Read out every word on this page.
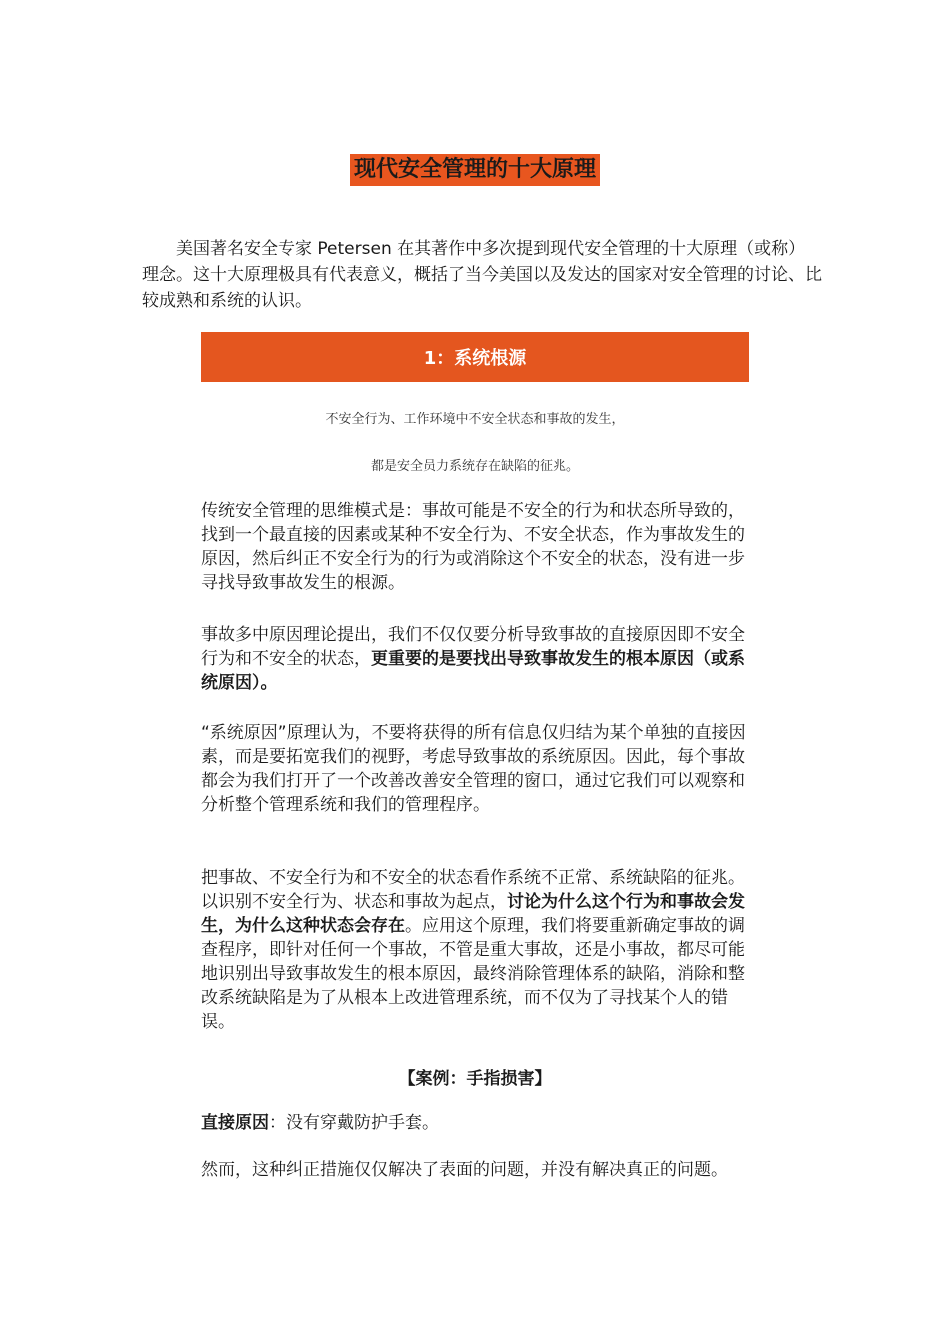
现代安全管理的十大原理

美国著名安全专家 Petersen 在其著作中多次提到现代安全管理的十大原理（或称）理念。这十大原理极具有代表意义，概括了当今美国以及发达的国家对安全管理的讨论、比较成熟和系统的认识。

1：系统根源

不安全行为、工作环境中不安全状态和事故的发生，

都是安全员力系统存在缺陷的征兆。

传统安全管理的思维模式是：事故可能是不安全的行为和状态所导致的，找到一个最直接的因素或某种不安全行为、不安全状态，作为事故发生的原因，然后纠正不安全行为的行为或消除这个不安全的状态，没有进一步寻找导致事故发生的根源。

事故多中原因理论提出，我们不仅仅要分析导致事故的直接原因即不安全行为和不安全的状态，更重要的是要找出导致事故发生的根本原因（或系统原因）。

“系统原因”原理认为，不要将获得的所有信息仅归结为某个单独的直接因素，而是要拓宽我们的视野，考虑导致事故的系统原因。因此，每个事故都会为我们打开了一个改善改善安全管理的窗口，通过它我们可以观察和分析整个管理系统和我们的管理程序。

把事故、不安全行为和不安全的状态看作系统不正常、系统缺陷的征兆。以识别不安全行为、状态和事故为起点，讨论为什么这个行为和事故会发生，为什么这种状态会存在。应用这个原理，我们将要重新确定事故的调查程序，即针对任何一个事故，不管是重大事故，还是小事故，都尽可能地识别出导致事故发生的根本原因，最终消除管理体系的缺陷，消除和整改系统缺陷是为了从根本上改进管理系统，而不仅为了寻找某个人的错误。

【案例：手指损害】

直接原因：没有穿戴防护手套。

然而，这种纠正措施仅仅解决了表面的问题，并没有解决真正的问题。
